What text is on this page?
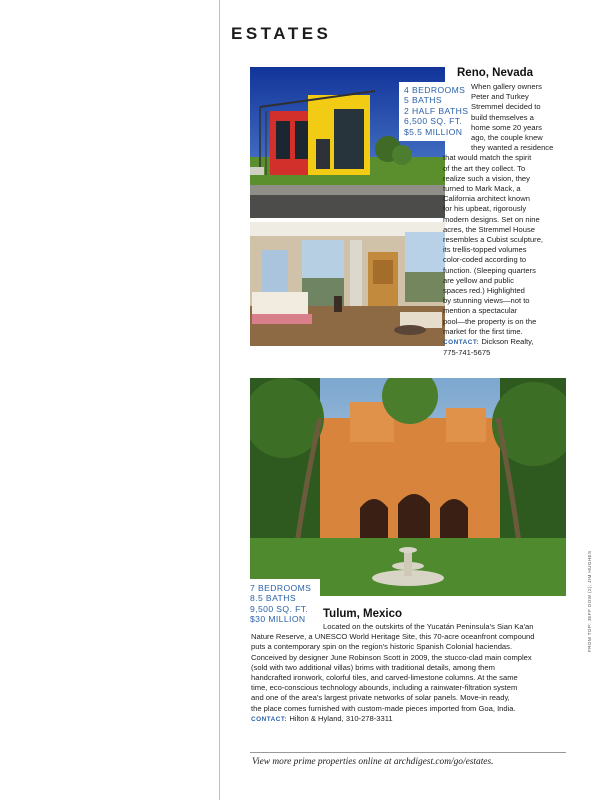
ESTATES
4 BEDROOMS
5 BATHS
2 HALF BATHS
6,500 SQ. FT.
$5.5 MILLION
Reno, Nevada
When gallery owners
Peter and Turkey
Stremmel decided to
build themselves a
home some 20 years
ago, the couple knew
they wanted a residence
that would match the spirit
of the art they collect. To
realize such a vision, they
turned to Mark Mack, a
California architect known
for his upbeat, rigorously
modern designs. Set on nine
acres, the Stremmel House
resembles a Cubist sculpture,
its trellis-topped volumes
color-coded according to
function. (Sleeping quarters
are yellow and public
spaces red.) Highlighted
by stunning views—not to
mention a spectacular
pool—the property is on the
market for the first time.
CONTACT: Dickson Realty,
775-741-5675
7 BEDROOMS
8.5 BATHS
9,500 SQ. FT.
$30 MILLION	Tulum, Mexico
Located on the outskirts of the Yucatán Peninsula's Sian Ka'an
Nature Reserve, a UNESCO World Heritage Site, this 70-acre oceanfront compound
puts a contemporary spin on the region's historic Spanish Colonial haciendas.
Conceived by designer June Robinson Scott in 2009, the stucco-clad main complex
(sold with two additional villas) brims with traditional details, among them
handcrafted ironwork, colorful tiles, and carved-limestone columns. At the same
time, eco-conscious technology abounds, including a rainwater-filtration system
and one of the area's largest private networks of solar panels. Move-in ready,
the place comes furnished with custom-made pieces imported from Goa, India.
CONTACT: Hilton & Hyland, 310-278-3311
FROM TOP: JEFF DOW (2); JIM HUGHES

View more prime properties online at archdigest.com/go/estates.
